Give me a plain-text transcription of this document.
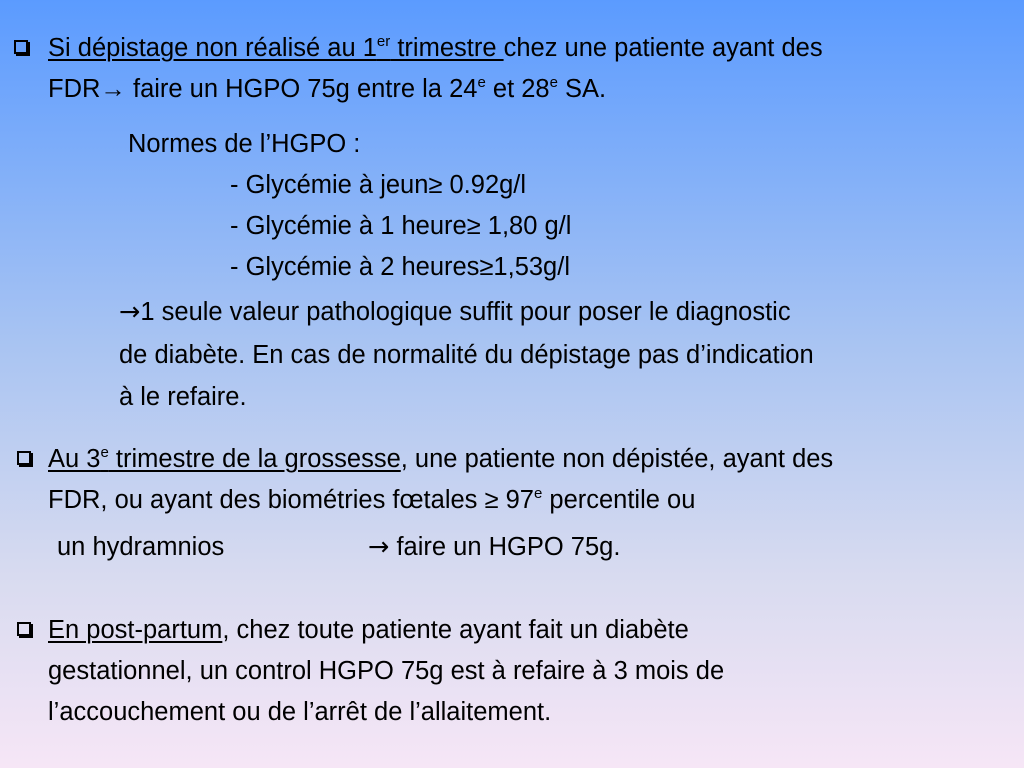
Si dépistage non réalisé au 1er trimestre chez une patiente ayant des
FDR→ faire un HGPO 75g entre la 24e et 28e SA.
Normes de l’HGPO :
- Glycémie à jeun≥ 0.92g/l
- Glycémie à 1 heure≥ 1,80 g/l
- Glycémie à 2 heures≥1,53g/l
→1 seule valeur pathologique suffit pour poser le diagnostic
de diabète. En cas de normalité du dépistage pas d’indication
à le refaire.
Au 3e trimestre de la grossesse, une patiente non dépistée, ayant des
FDR, ou ayant des biométries fœtales ≥ $97^e$ percentile ou
un hydramnios	→ faire un HGPO 75g.
En post-partum, chez toute patiente ayant fait un diabète
gestationnel, un control HGPO 75g est à refaire à 3 mois de
l’accouchement ou de l’arrêt de l’allaitement.
